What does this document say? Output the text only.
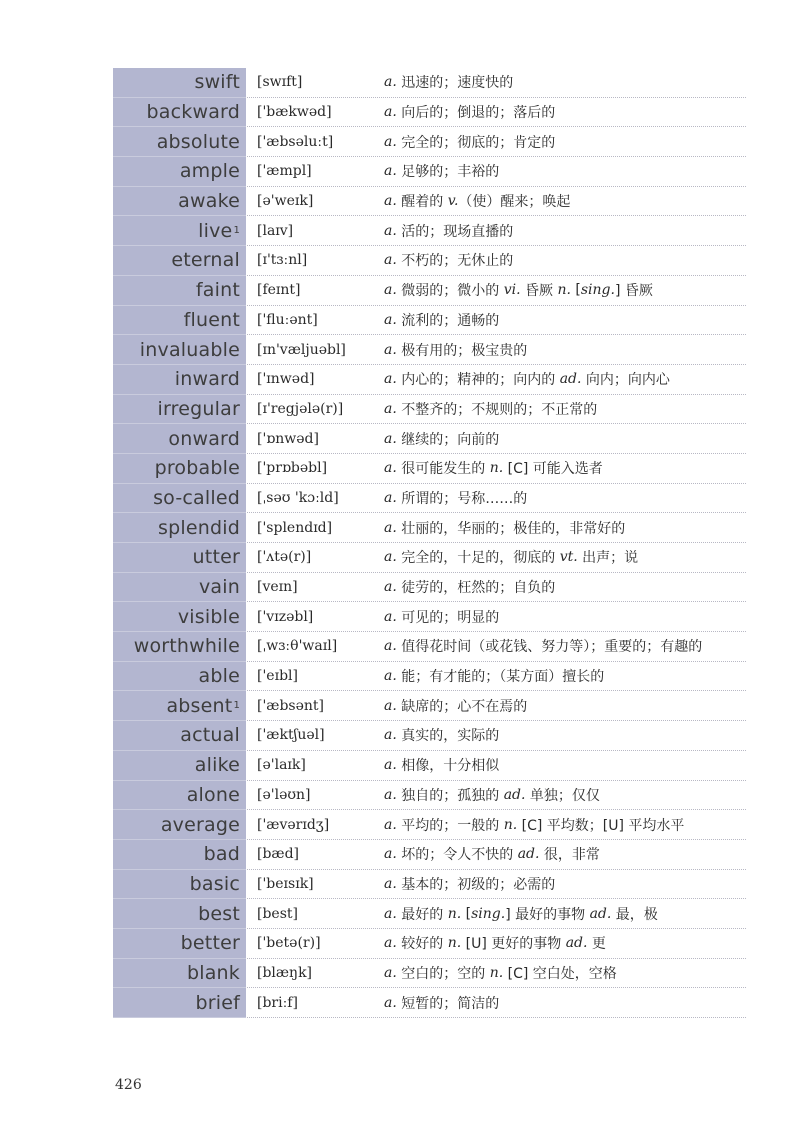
swift	[swɪft]	a. 迅速的；速度快的
backward	['bækwəd]	a. 向后的；倒退的；落后的
absolute	['æbsəluːt]	a. 完全的；彻底的；肯定的
ample	['æmpl]	a. 足够的；丰裕的
awake	[ə'weɪk]	a. 醒着的 v. （使）醒来；唤起
live 1	[laɪv]	a. 活的；现场直播的
eternal	[ɪ'tɜːnl]	a. 不朽的；无休止的
faint	[feɪnt]	a. 微弱的；微小的 vi. 昏厥 n. [ sing. ] 昏厥
fluent	['fluːənt]	a. 流利的；通畅的
invaluable	[ɪn'væljuəbl]	a. 极有用的；极宝贵的
inward	['ɪnwəd]	a. 内心的；精神的；向内的 ad. 向内；向内心
irregular	[ɪ'regjələ(r)]	a. 不整齐的；不规则的；不正常的
onward	['ɒnwəd]	a. 继续的；向前的
probable	['prɒbəbl]	a. 很可能发生的 n. [C] 可能入选者
so-called	[ˌsəʊ 'kɔːld]	a. 所谓的；号称……的
splendid	['splendɪd]	a. 壮丽的，华丽的；极佳的，非常好的
utter	['ʌtə(r)]	a. 完全的，十足的，彻底的 vt. 出声；说
vain	[veɪn]	a. 徒劳的，枉然的；自负的
visible	['vɪzəbl]	a. 可见的；明显的
worthwhile	[ˌwɜːθ'waɪl]	a. 值得花时间（或花钱、努力等）；重要的；有趣的
able	['eɪbl]	a. 能；有才能的；（某方面）擅长的
absent 1	['æbsənt]	a. 缺席的；心不在焉的
actual	['æktʃuəl]	a. 真实的，实际的
alike	[ə'laɪk]	a. 相像，十分相似
alone	[ə'ləʊn]	a. 独自的；孤独的 ad. 单独；仅仅
average	['ævərɪdʒ]	a. 平均的；一般的 n. [C] 平均数；[U] 平均水平
bad	[bæd]	a. 坏的；令人不快的 ad. 很，非常
basic	['beɪsɪk]	a. 基本的；初级的；必需的
best	[best]	a. 最好的 n. [ sing. ] 最好的事物 ad. 最，极
better	['betə(r)]	a. 较好的 n. [U] 更好的事物 ad. 更
blank	[blæŋk]	a. 空白的；空的 n. [C] 空白处，空格
brief	[briːf]	a. 短暂的；简洁的
426
